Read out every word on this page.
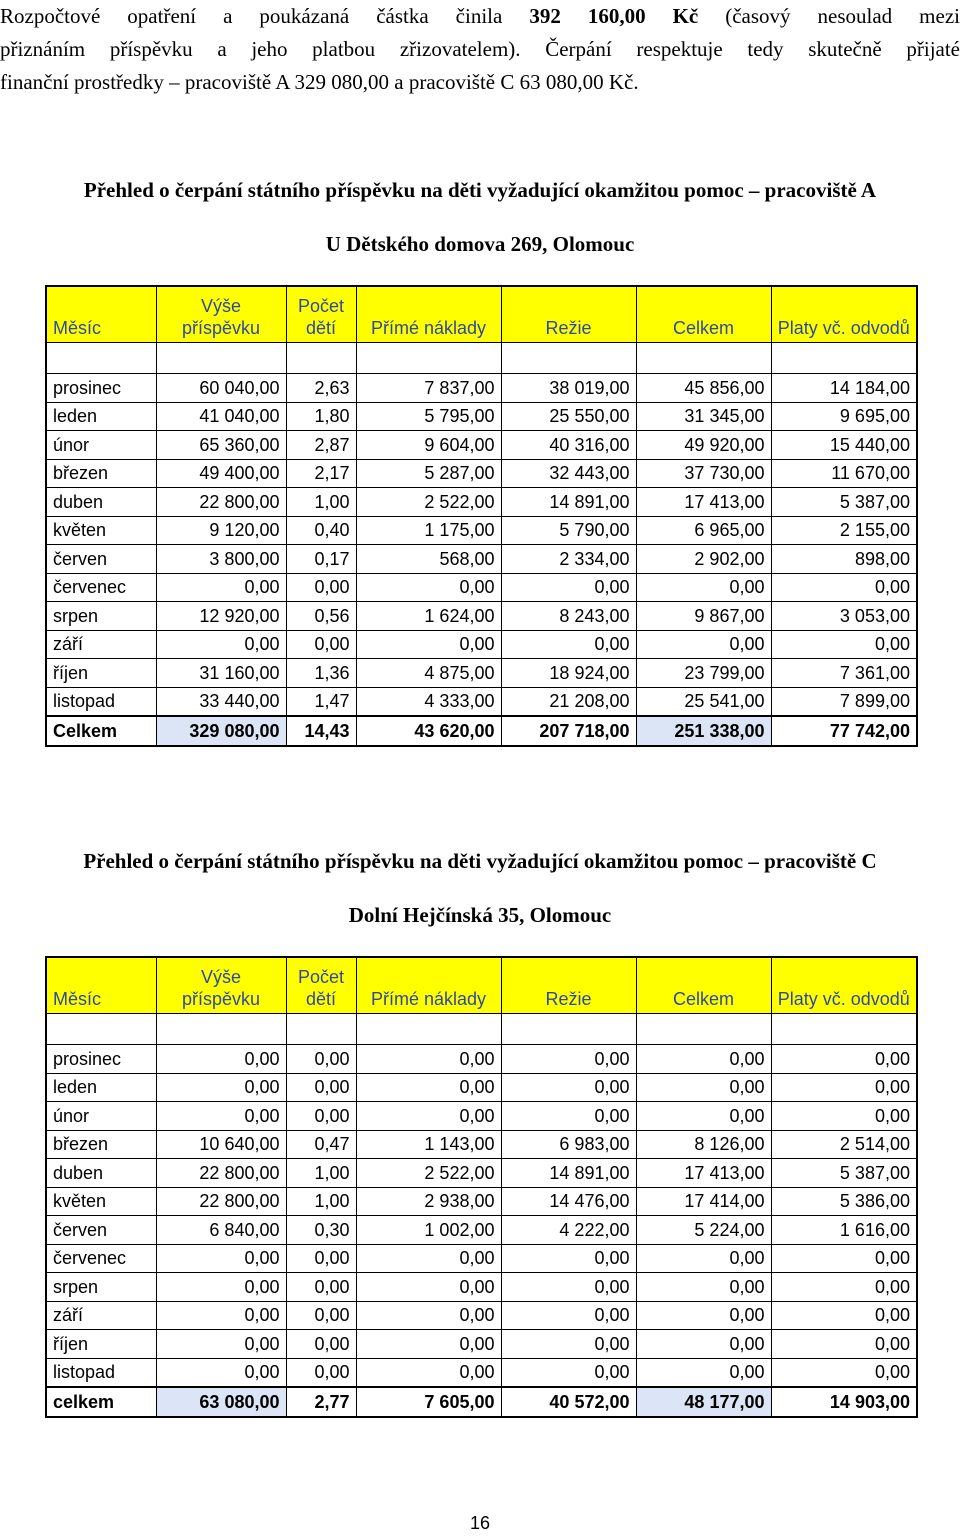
Rozpočtové opatření a poukázaná částka činila 392 160,00 Kč (časový nesoulad mezi
přiznáním příspěvku a jeho platbou zřizovatelem). Čerpání respektuje tedy skutečně přijaté
finanční prostředky – pracoviště A 329 080,00 a pracoviště C 63 080,00 Kč.
Přehled o čerpání státního příspěvku na děti vyžadující okamžitou pomoc – pracoviště A
U Dětského domova 269, Olomouc
Měsíc	Výše příspěvku	Počet dětí	Přímé náklady	Režie	Celkem	Platy vč. odvodů

prosinec	60 040,00	2,63	7 837,00	38 019,00	45 856,00	14 184,00
leden	41 040,00	1,80	5 795,00	25 550,00	31 345,00	9 695,00
únor	65 360,00	2,87	9 604,00	40 316,00	49 920,00	15 440,00
březen	49 400,00	2,17	5 287,00	32 443,00	37 730,00	11 670,00
duben	22 800,00	1,00	2 522,00	14 891,00	17 413,00	5 387,00
květen	9 120,00	0,40	1 175,00	5 790,00	6 965,00	2 155,00
červen	3 800,00	0,17	568,00	2 334,00	2 902,00	898,00
červenec	0,00	0,00	0,00	0,00	0,00	0,00
srpen	12 920,00	0,56	1 624,00	8 243,00	9 867,00	3 053,00
září	0,00	0,00	0,00	0,00	0,00	0,00
říjen	31 160,00	1,36	4 875,00	18 924,00	23 799,00	7 361,00
listopad	33 440,00	1,47	4 333,00	21 208,00	25 541,00	7 899,00
Celkem	329 080,00	14,43	43 620,00	207 718,00	251 338,00	77 742,00
Přehled o čerpání státního příspěvku na děti vyžadující okamžitou pomoc – pracoviště C
Dolní Hejčínská 35, Olomouc
Měsíc	Výše příspěvku	Počet dětí	Přímé náklady	Režie	Celkem	Platy vč. odvodů

prosinec	0,00	0,00	0,00	0,00	0,00	0,00
leden	0,00	0,00	0,00	0,00	0,00	0,00
únor	0,00	0,00	0,00	0,00	0,00	0,00
březen	10 640,00	0,47	1 143,00	6 983,00	8 126,00	2 514,00
duben	22 800,00	1,00	2 522,00	14 891,00	17 413,00	5 387,00
květen	22 800,00	1,00	2 938,00	14 476,00	17 414,00	5 386,00
červen	6 840,00	0,30	1 002,00	4 222,00	5 224,00	1 616,00
červenec	0,00	0,00	0,00	0,00	0,00	0,00
srpen	0,00	0,00	0,00	0,00	0,00	0,00
září	0,00	0,00	0,00	0,00	0,00	0,00
říjen	0,00	0,00	0,00	0,00	0,00	0,00
listopad	0,00	0,00	0,00	0,00	0,00	0,00
celkem	63 080,00	2,77	7 605,00	40 572,00	48 177,00	14 903,00
16
